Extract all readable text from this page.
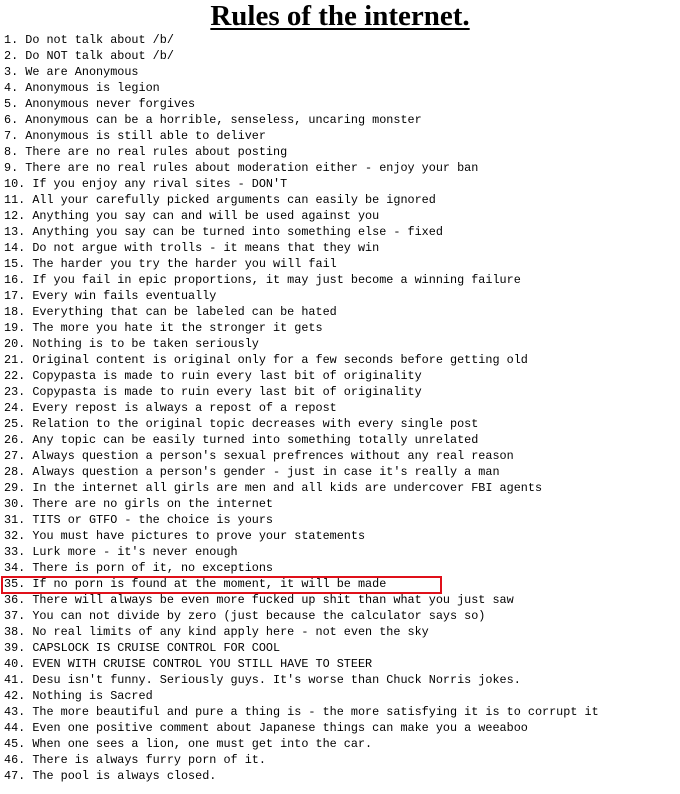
Rules of the internet.
1. Do not talk about /b/
2. Do NOT talk about /b/
3. We are Anonymous
4. Anonymous is legion
5. Anonymous never forgives
6. Anonymous can be a horrible, senseless, uncaring monster
7. Anonymous is still able to deliver
8. There are no real rules about posting
9. There are no real rules about moderation either - enjoy your ban
10. If you enjoy any rival sites - DON'T
11. All your carefully picked arguments can easily be ignored
12. Anything you say can and will be used against you
13. Anything you say can be turned into something else - fixed
14. Do not argue with trolls - it means that they win
15. The harder you try the harder you will fail
16. If you fail in epic proportions, it may just become a winning failure
17. Every win fails eventually
18. Everything that can be labeled can be hated
19. The more you hate it the stronger it gets
20. Nothing is to be taken seriously
21. Original content is original only for a few seconds before getting old
22. Copypasta is made to ruin every last bit of originality
23. Copypasta is made to ruin every last bit of originality
24. Every repost is always a repost of a repost
25. Relation to the original topic decreases with every single post
26. Any topic can be easily turned into something totally unrelated
27. Always question a person's sexual prefrences without any real reason
28. Always question a person's gender - just in case it's really a man
29. In the internet all girls are men and all kids are undercover FBI agents
30. There are no girls on the internet
31. TITS or GTFO - the choice is yours
32. You must have pictures to prove your statements
33. Lurk more - it's never enough
34. There is porn of it, no exceptions
35. If no porn is found at the moment, it will be made
36. There will always be even more fucked up shit than what you just saw
37. You can not divide by zero (just because the calculator says so)
38. No real limits of any kind apply here - not even the sky
39. CAPSLOCK IS CRUISE CONTROL FOR COOL
40. EVEN WITH CRUISE CONTROL YOU STILL HAVE TO STEER
41. Desu isn't funny. Seriously guys. It's worse than Chuck Norris jokes.
42. Nothing is Sacred
43. The more beautiful and pure a thing is - the more satisfying it is to corrupt it
44. Even one positive comment about Japanese things can make you a weeaboo
45. When one sees a lion, one must get into the car.
46. There is always furry porn of it.
47. The pool is always closed.
